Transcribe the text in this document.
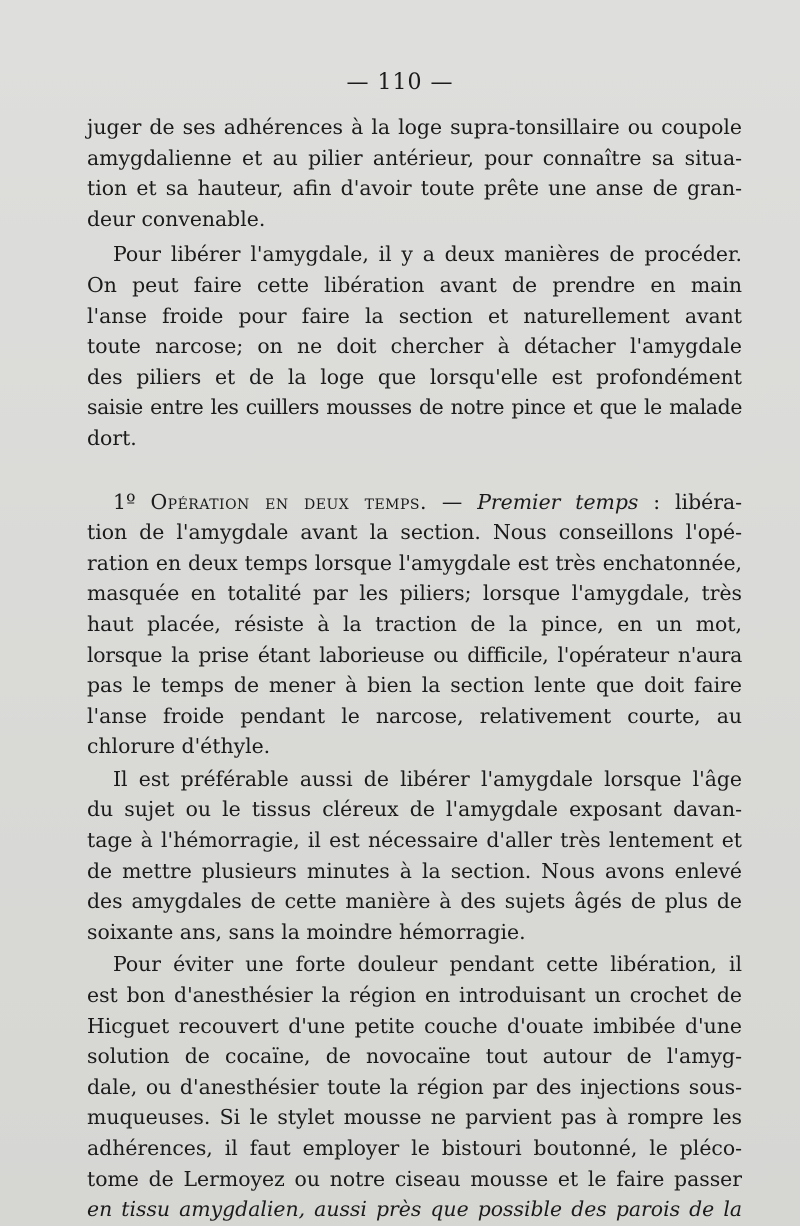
— 110 —
juger de ses adhérences à la loge supra-tonsillaire ou coupole
amygdalienne et au pilier antérieur, pour connaître sa situa-
tion et sa hauteur, afin d'avoir toute prête une anse de gran-
deur convenable.
Pour libérer l'amygdale, il y a deux manières de procéder.
On peut faire cette libération avant de prendre en main
l'anse froide pour faire la section et naturellement avant
toute narcose; on ne doit chercher à détacher l'amygdale
des piliers et de la loge que lorsqu'elle est profondément
saisie entre les cuillers mousses de notre pince et que le malade
dort.
1º Opération en deux temps. — Premier temps : libéra-
tion de l'amygdale avant la section. Nous conseillons l'opé-
ration en deux temps lorsque l'amygdale est très enchatonnée,
masquée en totalité par les piliers; lorsque l'amygdale, très
haut placée, résiste à la traction de la pince, en un mot,
lorsque la prise étant laborieuse ou difficile, l'opérateur n'aura
pas le temps de mener à bien la section lente que doit faire
l'anse froide pendant le narcose, relativement courte, au
chlorure d'éthyle.
Il est préférable aussi de libérer l'amygdale lorsque l'âge
du sujet ou le tissus cléreux de l'amygdale exposant davan-
tage à l'hémorragie, il est nécessaire d'aller très lentement et
de mettre plusieurs minutes à la section. Nous avons enlevé
des amygdales de cette manière à des sujets âgés de plus de
soixante ans, sans la moindre hémorragie.
Pour éviter une forte douleur pendant cette libération, il
est bon d'anesthésier la région en introduisant un crochet de
Hicguet recouvert d'une petite couche d'ouate imbibée d'une
solution de cocaïne, de novocaïne tout autour de l'amyg-
dale, ou d'anesthésier toute la région par des injections sous-
muqueuses. Si le stylet mousse ne parvient pas à rompre les
adhérences, il faut employer le bistouri boutonné, le plécо-
tome de Lermoyez ou notre ciseau mousse et le faire passer
en tissu amygdalien, aussi près que possible des parois de la
